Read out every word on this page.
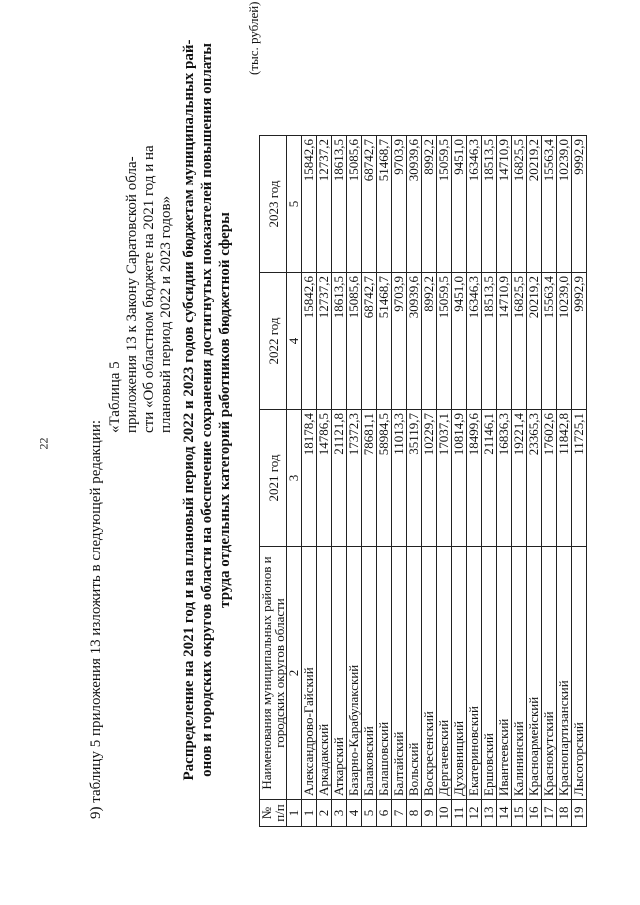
22	9) таблицу 5 приложения 13 изложить в следующей редакции:
«Таблица 5 приложения 13 к Закону Саратовской обла- сти «Об областном бюджете на 2021 год и на плановый период 2022 и 2023 годов» Распределение на 2021 год и на плановый период 2022 и 2023 годов субсидии бюджетам муниципальных рай- онов и городских округов области на обеспечение сохранения достигнутых показателей повышения оплаты труда отдельных категорий работников бюджетной сферы
(тыс. рублей)
№ п/п	Наименования муниципальных районов и городских округов области	2021 год	2022 год	2023 год
1	2	3	4	5
1	Александрово-Гайский	18178,4	15842,6	15842,6
2	Аркадакский	14786,5	12737,2	12737,2
3	Аткарский	21121,8	18613,5	18613,5
4	Базарно-Карабулакский	17372,3	15085,6	15085,6
5	Балаковский	78681,1	68742,7	68742,7
6	Балашовский	58984,5	51468,7	51468,7
7	Балтайский	11013,3	9703,9	9703,9
8	Вольский	35119,7	30939,6	30939,6
9	Воскресенский	10229,7	8992,2	8992,2
10	Дергачевский	17037,1	15059,5	15059,5
11	Духовницкий	10814,9	9451,0	9451,0
12	Екатериновский	18499,6	16346,3	16346,3
13	Ершовский	21146,1	18513,5	18513,5
14	Ивантеевский	16836,3	14710,9	14710,9
15	Калининский	19221,4	16825,5	16825,5
16	Красноармейский	23365,3	20219,2	20219,2
17	Краснокутский	17602,6	15563,4	15563,4
18	Краснопартизанский	11842,8	10239,0	10239,0
19	Лысогорский	11725,1	9992,9	9992,9
